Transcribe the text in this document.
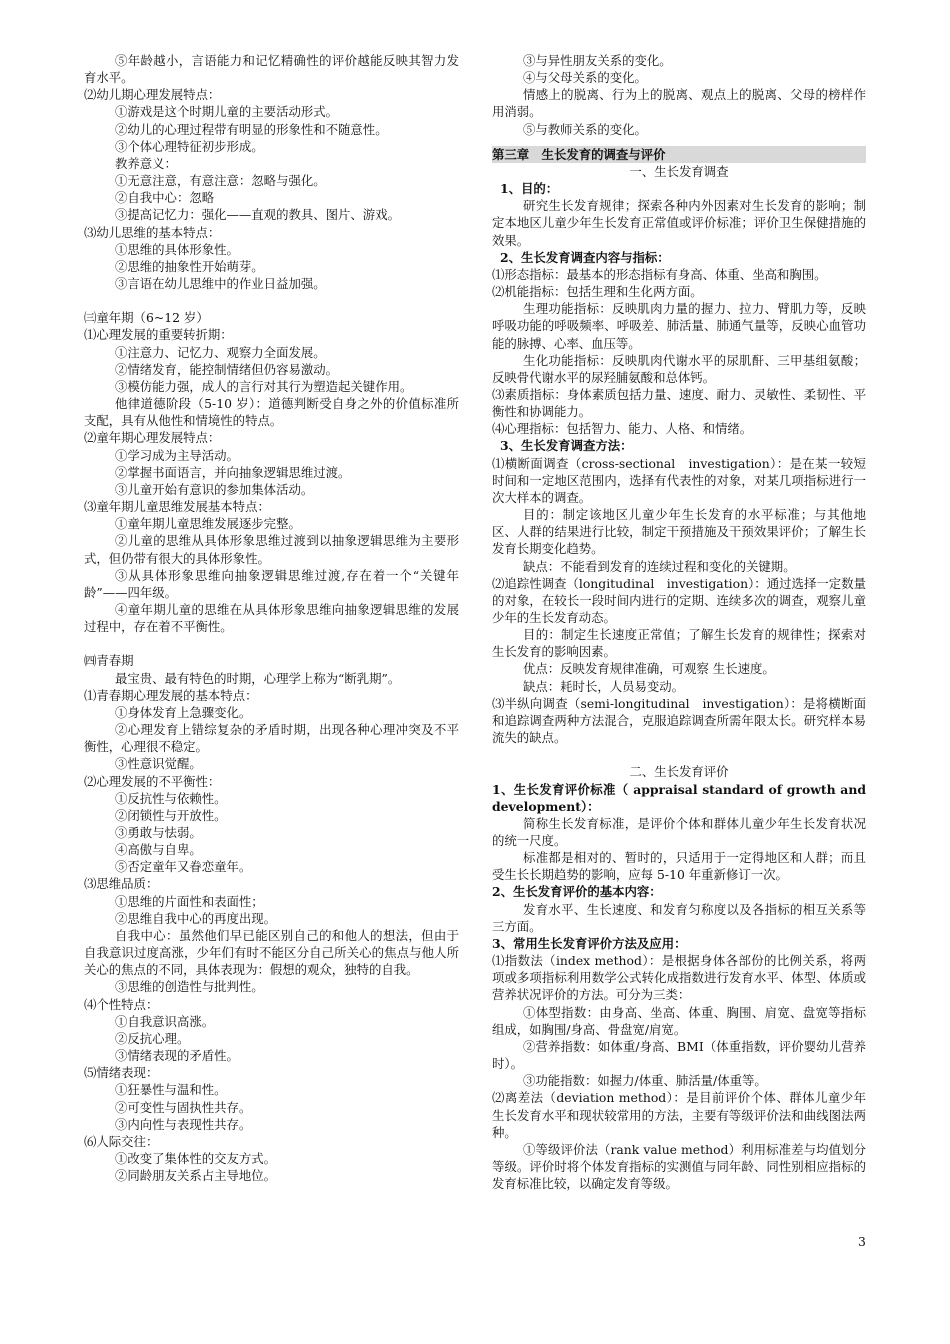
⑤年龄越小，言语能力和记忆精确性的评价越能反映其智力发育水平。

⑵幼儿期心理发展特点：

①游戏是这个时期儿童的主要活动形式。

②幼儿的心理过程带有明显的形象性和不随意性。

③个体心理特征初步形成。

教养意义：

①无意注意，有意注意：忽略与强化。

②自我中心：忽略

③提高记忆力：强化——直观的教具、图片、游戏。

⑶幼儿思维的基本特点：

①思维的具体形象性。

②思维的抽象性开始萌芽。

③言语在幼儿思维中的作业日益加强。

㈢童年期（6~12 岁）

⑴心理发展的重要转折期：

①注意力、记忆力、观察力全面发展。

②情绪发育，能控制情绪但仍容易激动。

③模仿能力强，成人的言行对其行为塑造起关键作用。

他律道德阶段（5-10 岁）：道德判断受自身之外的价值标准所支配，具有从他性和情境性的特点。

⑵童年期心理发展特点：

①学习成为主导活动。

②掌握书面语言，并向抽象逻辑思维过渡。

③儿童开始有意识的参加集体活动。

⑶童年期儿童思维发展基本特点：

①童年期儿童思维发展逐步完整。

②儿童的思维从具体形象思维过渡到以抽象逻辑思维为主要形式，但仍带有很大的具体形象性。

③从具体形象思维向抽象逻辑思维过渡,存在着一个“关键年龄”——四年级。

④童年期儿童的思维在从具体形象思维向抽象逻辑思维的发展过程中，存在着不平衡性。

㈣青春期

最宝贵、最有特色的时期，心理学上称为“断乳期”。

⑴青春期心理发展的基本特点：

①身体发育上急骤变化。

②心理发育上错综复杂的矛盾时期，出现各种心理冲突及不平衡性，心理很不稳定。

③性意识觉醒。

⑵心理发展的不平衡性：

①反抗性与依赖性。

②闭锁性与开放性。

③勇敢与怯弱。

④高傲与自卑。

⑤否定童年又眷恋童年。

⑶思维品质：

①思维的片面性和表面性；

②思维自我中心的再度出现。

自我中心：虽然他们早已能区别自己的和他人的想法，但由于自我意识过度高涨，少年们有时不能区分自己所关心的焦点与他人所关心的焦点的不同，具体表现为：假想的观众，独特的自我。

③思维的创造性与批判性。

⑷个性特点：

①自我意识高涨。

②反抗心理。

③情绪表现的矛盾性。

⑸情绪表现：

①狂暴性与温和性。

②可变性与固执性共存。

③内向性与表现性共存。

⑹人际交往：

①改变了集体性的交友方式。

②同龄朋友关系占主导地位。

③与异性朋友关系的变化。

④与父母关系的变化。

情感上的脱离、行为上的脱离、观点上的脱离、父母的榜样作用消弱。

⑤与教师关系的变化。

第三章　生长发育的调查与评价

一、生长发育调查

1、目的：

研究生长发育规律；探索各种内外因素对生长发育的影响；制定本地区儿童少年生长发育正常值或评价标准；评价卫生保健措施的效果。

2、生长发育调查内容与指标：

⑴形态指标：最基本的形态指标有身高、体重、坐高和胸围。

⑵机能指标：包括生理和生化两方面。

生理功能指标：反映肌肉力量的握力、拉力、臂肌力等，反映呼吸功能的呼吸频率、呼吸差、肺活量、肺通气量等，反映心血管功能的脉搏、心率、血压等。

生化功能指标：反映肌肉代谢水平的尿肌酐、三甲基组氨酸；反映骨代谢水平的尿羟脯氨酸和总体钙。

⑶素质指标：身体素质包括力量、速度、耐力、灵敏性、柔韧性、平衡性和协调能力。

⑷心理指标：包括智力、能力、人格、和情绪。

3、生长发育调查方法：

⑴横断面调查（cross-sectional　investigation）：是在某一较短时间和一定地区范围内，选择有代表性的对象，对某几项指标进行一次大样本的调查。

目的：制定该地区儿童少年生长发育的水平标准；与其他地区、人群的结果进行比较，制定干预措施及干预效果评价；了解生长发育长期变化趋势。

缺点：不能看到发育的连续过程和变化的关键期。

⑵追踪性调查（longitudinal　investigation）：通过选择一定数量的对象，在较长一段时间内进行的定期、连续多次的调查，观察儿童少年的生长发育动态。

目的：制定生长速度正常值；了解生长发育的规律性；探索对生长发育的影响因素。

优点：反映发育规律准确，可观察 生长速度。

缺点：耗时长，人员易变动。

⑶半纵向调查（semi-longitudinal　investigation）：是将横断面和追踪调查两种方法混合，克服追踪调查所需年限太长。研究样本易流失的缺点。

二、生长发育评价

1、生长发育评价标准（ appraisal standard of growth and development）：

简称生长发育标准，是评价个体和群体儿童少年生长发育状况的统一尺度。

标准都是相对的、暂时的，只适用于一定得地区和人群；而且受生长长期趋势的影响，应每 5-10 年重新修订一次。

2、生长发育评价的基本内容：

发育水平、生长速度、和发育匀称度以及各指标的相互关系等三方面。

3、常用生长发育评价方法及应用：

⑴指数法（index method）：是根据身体各部份的比例关系，将两项或多项指标利用数学公式转化成指数进行发育水平、体型、体质或营养状况评价的方法。可分为三类：

①体型指数：由身高、坐高、体重、胸围、肩宽、盘宽等指标组成，如胸围/身高、骨盘宽/肩宽。

②营养指数：如体重/身高、BMI（体重指数，评价婴幼儿营养时）。

③功能指数：如握力/体重、肺活量/体重等。

⑵离差法（deviation method）：是目前评价个体、群体儿童少年生长发育水平和现状较常用的方法，主要有等级评价法和曲线图法两种。

①等级评价法（rank value method）利用标准差与均值划分等级。评价时将个体发育指标的实测值与同年龄、同性别相应指标的发育标准比较，以确定发育等级。

3
